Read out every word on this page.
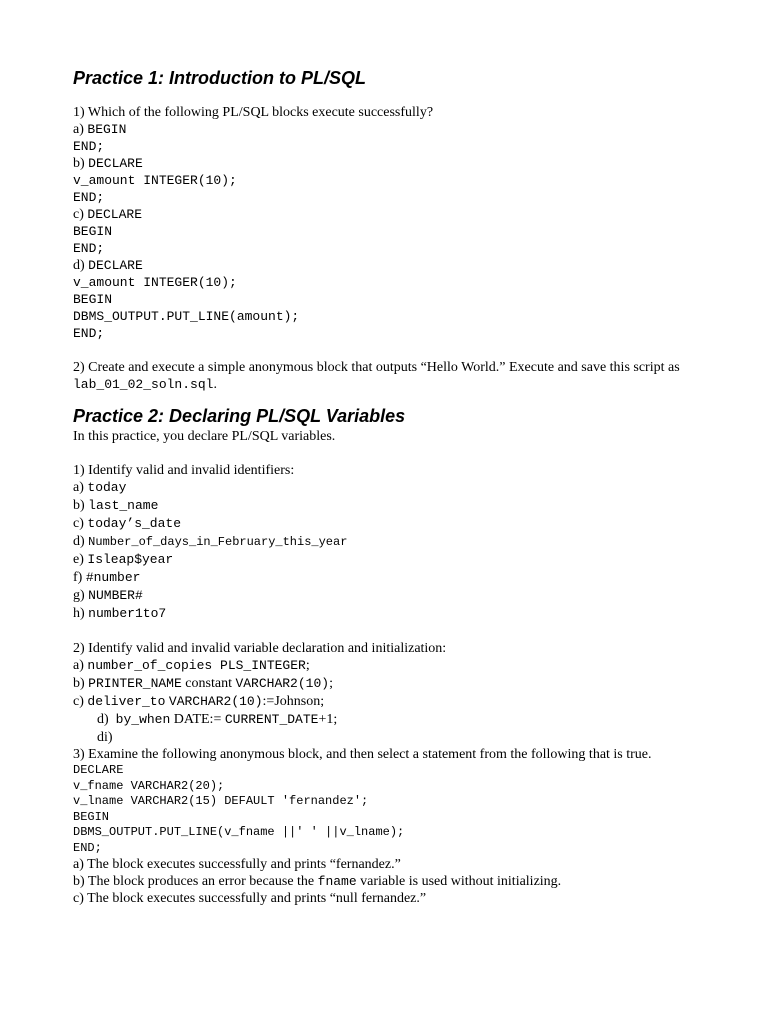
Practice 1: Introduction to PL/SQL

1) Which of the following PL/SQL blocks execute successfully?

a) BEGIN

END;

b) DECLARE

v_amount INTEGER(10);

END;

c) DECLARE

BEGIN

END;

d) DECLARE

v_amount INTEGER(10);

BEGIN

DBMS_OUTPUT.PUT_LINE(amount);

END;

2) Create and execute a simple anonymous block that outputs “Hello World.” Execute and save this script as lab_01_02_soln.sql.

Practice 2: Declaring PL/SQL Variables

In this practice, you declare PL/SQL variables.

1) Identify valid and invalid identifiers:

a) today

b) last_name

c) today’s_date

d) Number_of_days_in_February_this_year

e) Isleap$year

f) #number

g) NUMBER#

h) number1to7

2) Identify valid and invalid variable declaration and initialization:

a) number_of_copies PLS_INTEGER;

b) PRINTER_NAME constant VARCHAR2(10);

c) deliver_to VARCHAR2(10):=Johnson;

d)  by_when DATE:= CURRENT_DATE+1;

di)

3) Examine the following anonymous block, and then select a statement from the following that is true.

DECLARE

v_fname VARCHAR2(20);

v_lname VARCHAR2(15) DEFAULT 'fernandez';

BEGIN

DBMS_OUTPUT.PUT_LINE(v_fname ||' ' ||v_lname);

END;

a) The block executes successfully and prints “fernandez.”

b) The block produces an error because the fname variable is used without initializing.

c) The block executes successfully and prints “null fernandez.”
